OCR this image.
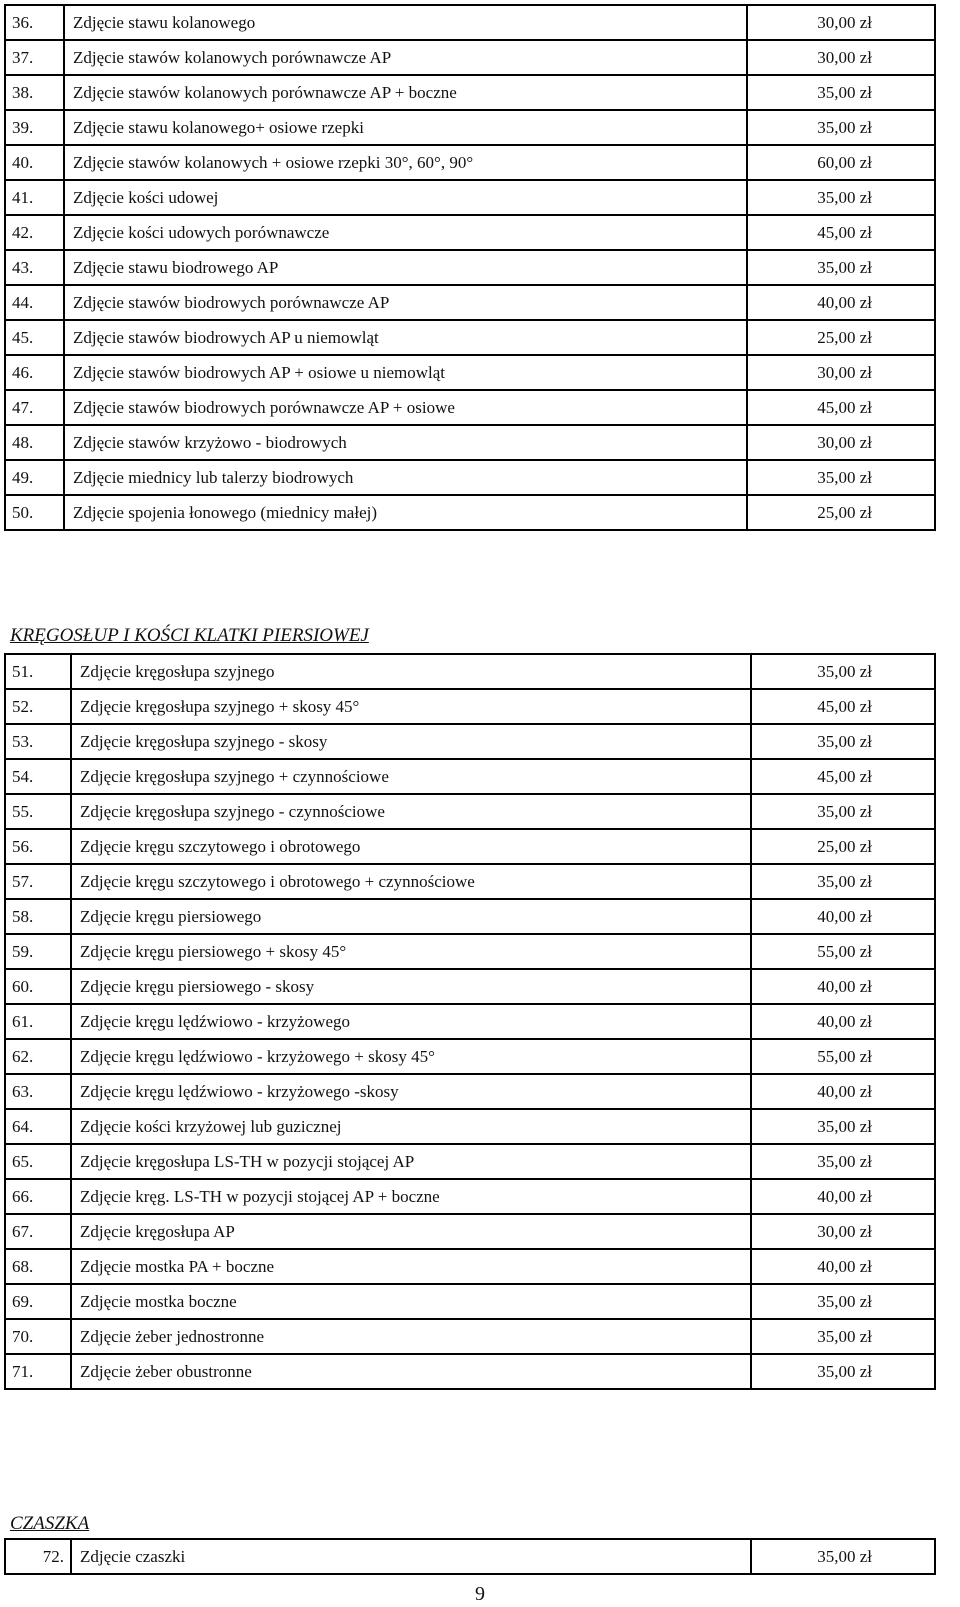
36.	Zdjęcie stawu kolanowego	30,00 zł
37.	Zdjęcie stawów kolanowych porównawcze AP	30,00 zł
38.	Zdjęcie stawów kolanowych porównawcze AP + boczne	35,00 zł
39.	Zdjęcie stawu kolanowego+ osiowe rzepki	35,00 zł
40.	Zdjęcie stawów kolanowych + osiowe rzepki 30°, 60°, 90°	60,00 zł
41.	Zdjęcie kości udowej	35,00 zł
42.	Zdjęcie kości udowych porównawcze	45,00 zł
43.	Zdjęcie stawu biodrowego AP	35,00 zł
44.	Zdjęcie stawów biodrowych porównawcze AP	40,00 zł
45.	Zdjęcie stawów biodrowych AP u niemowląt	25,00 zł
46.	Zdjęcie stawów biodrowych AP + osiowe u niemowląt	30,00 zł
47.	Zdjęcie stawów biodrowych porównawcze AP + osiowe	45,00 zł
48.	Zdjęcie stawów krzyżowo - biodrowych	30,00 zł
49.	Zdjęcie miednicy lub talerzy biodrowych	35,00 zł
50.	Zdjęcie spojenia łonowego (miednicy małej)	25,00 zł
KRĘGOSŁUP I KOŚCI KLATKI PIERSIOWEJ
51.	Zdjęcie kręgosłupa szyjnego	35,00 zł
52.	Zdjęcie kręgosłupa szyjnego + skosy 45°	45,00 zł
53.	Zdjęcie kręgosłupa szyjnego - skosy	35,00 zł
54.	Zdjęcie kręgosłupa szyjnego + czynnościowe	45,00 zł
55.	Zdjęcie kręgosłupa szyjnego - czynnościowe	35,00 zł
56.	Zdjęcie kręgu szczytowego i obrotowego	25,00 zł
57.	Zdjęcie kręgu szczytowego i obrotowego + czynnościowe	35,00 zł
58.	Zdjęcie kręgu piersiowego	40,00 zł
59.	Zdjęcie kręgu piersiowego + skosy 45°	55,00 zł
60.	Zdjęcie kręgu piersiowego - skosy	40,00 zł
61.	Zdjęcie kręgu lędźwiowo - krzyżowego	40,00 zł
62.	Zdjęcie kręgu lędźwiowo - krzyżowego + skosy 45°	55,00 zł
63.	Zdjęcie kręgu lędźwiowo - krzyżowego -skosy	40,00 zł
64.	Zdjęcie kości krzyżowej lub guzicznej	35,00 zł
65.	Zdjęcie kręgosłupa LS-TH w pozycji stojącej AP	35,00 zł
66.	Zdjęcie kręg. LS-TH w pozycji stojącej AP + boczne	40,00 zł
67.	Zdjęcie kręgosłupa AP	30,00 zł
68.	Zdjęcie mostka PA + boczne	40,00 zł
69.	Zdjęcie mostka boczne	35,00 zł
70.	Zdjęcie żeber jednostronne	35,00 zł
71.	Zdjęcie żeber obustronne	35,00 zł
CZASZKA
72.	Zdjęcie czaszki	35,00 zł
9
